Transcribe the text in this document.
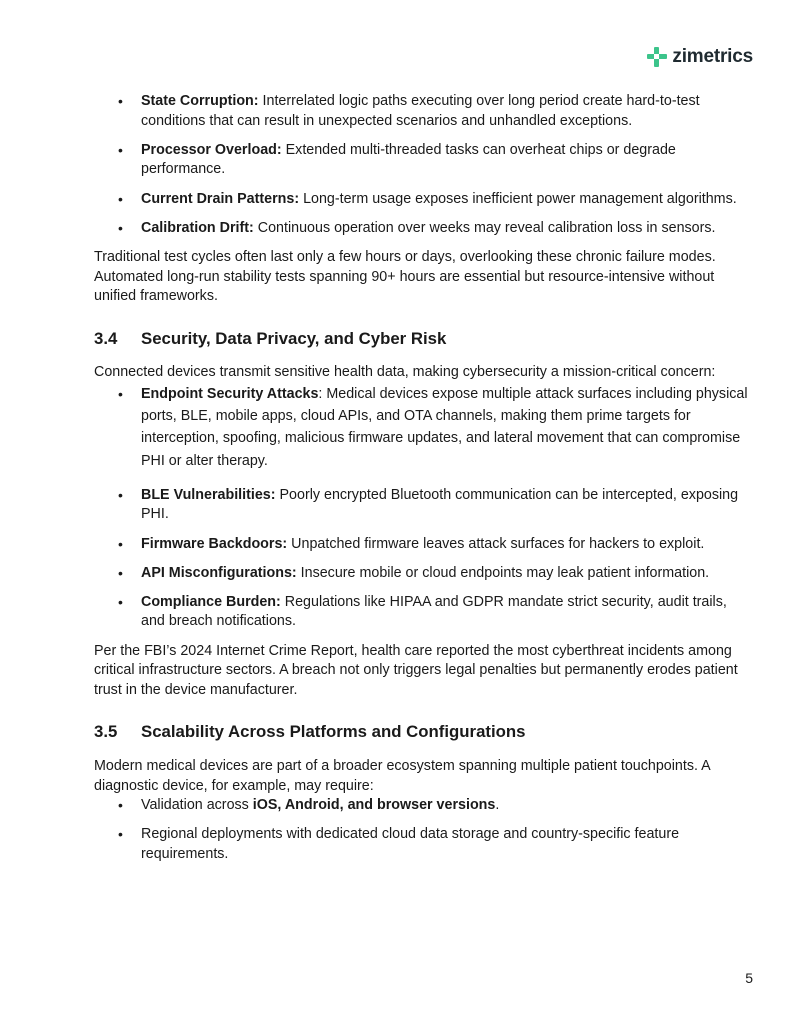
zimetrics
• State Corruption: Interrelated logic paths executing over long period create hard-to-test conditions that can result in unexpected scenarios and unhandled exceptions.
• Processor Overload: Extended multi-threaded tasks can overheat chips or degrade performance.
• Current Drain Patterns: Long-term usage exposes inefficient power management algorithms.
• Calibration Drift: Continuous operation over weeks may reveal calibration loss in sensors.

Traditional test cycles often last only a few hours or days, overlooking these chronic failure modes. Automated long-run stability tests spanning 90+ hours are essential but resource-intensive without unified frameworks.

3.4	Security, Data Privacy, and Cyber Risk

Connected devices transmit sensitive health data, making cybersecurity a mission-critical concern:

• Endpoint Security Attacks: Medical devices expose multiple attack surfaces including physical ports, BLE, mobile apps, cloud APIs, and OTA channels, making them prime targets for interception, spoofing, malicious firmware updates, and lateral movement that can compromise PHI or alter therapy.
• BLE Vulnerabilities: Poorly encrypted Bluetooth communication can be intercepted, exposing PHI.
• Firmware Backdoors: Unpatched firmware leaves attack surfaces for hackers to exploit.
• API Misconfigurations: Insecure mobile or cloud endpoints may leak patient information.
• Compliance Burden: Regulations like HIPAA and GDPR mandate strict security, audit trails, and breach notifications.

Per the FBI’s 2024 Internet Crime Report, health care reported the most cyberthreat incidents among critical infrastructure sectors. A breach not only triggers legal penalties but permanently erodes patient trust in the device manufacturer.

3.5	Scalability Across Platforms and Configurations

Modern medical devices are part of a broader ecosystem spanning multiple patient touchpoints. A diagnostic device, for example, may require:

• Validation across iOS, Android, and browser versions.
• Regional deployments with dedicated cloud data storage and country-specific feature requirements.
5
